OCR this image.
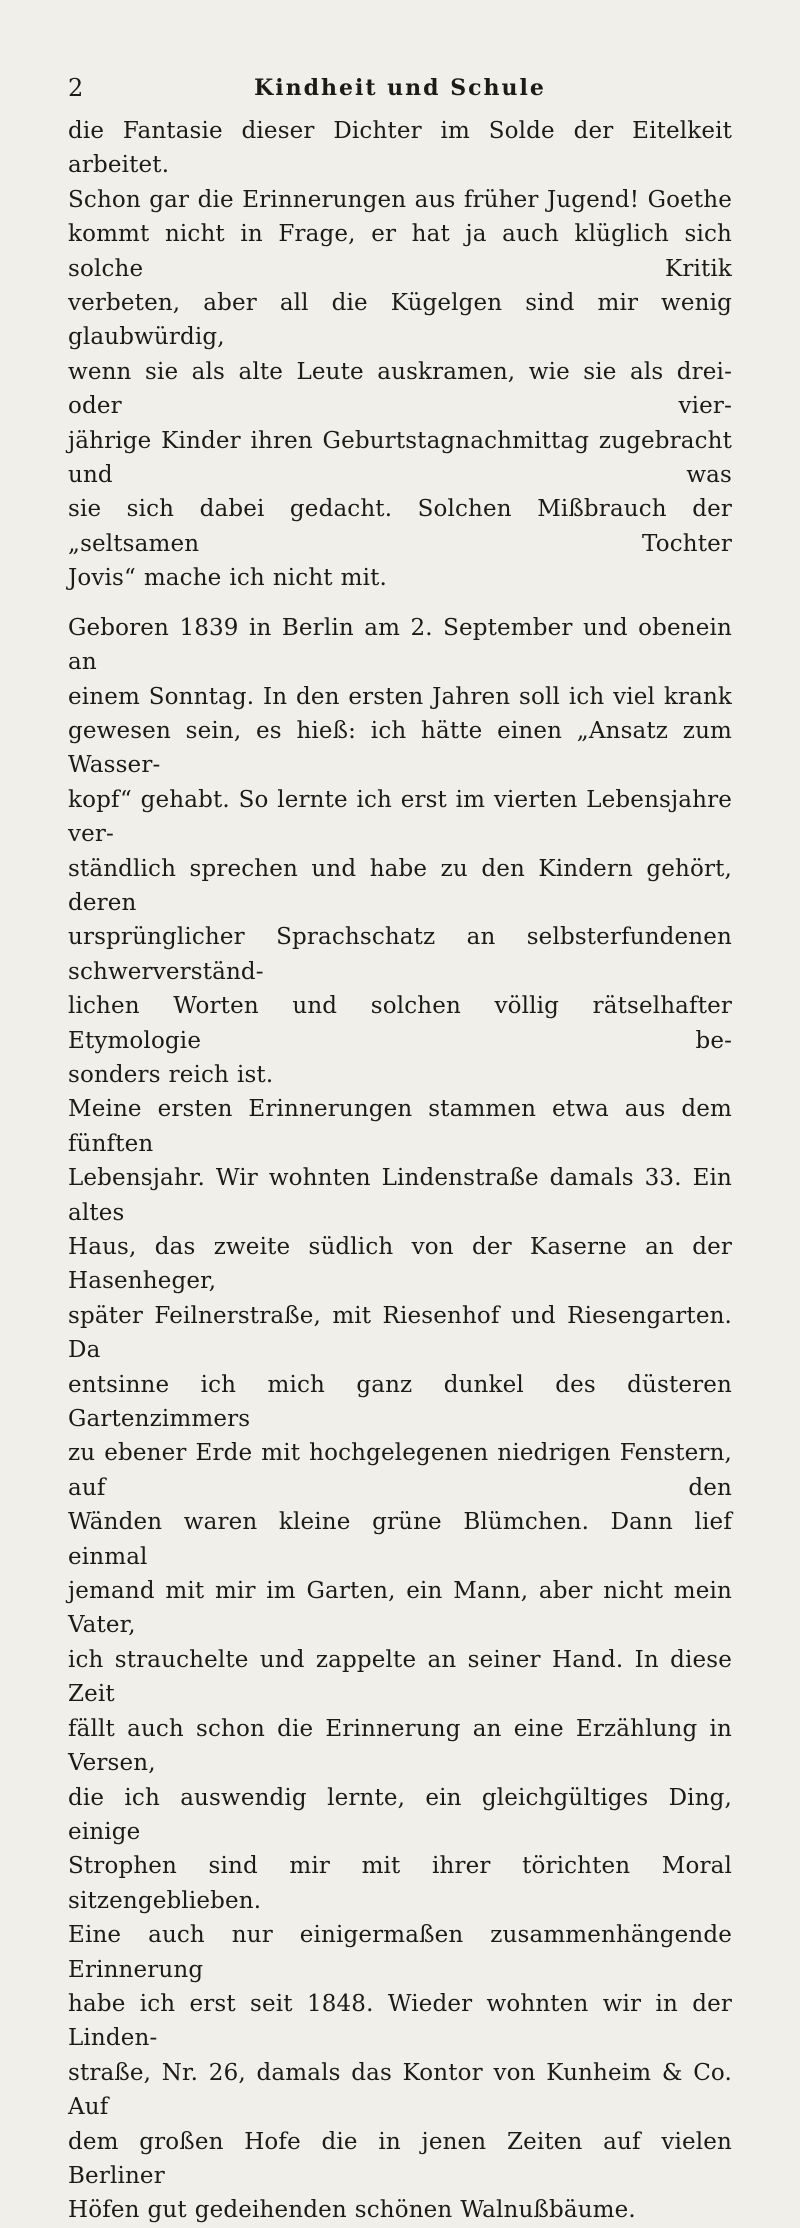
2	Kindheit und Schule

die Fantasie dieser Dichter im Solde der Eitelkeit arbeitet.
Schon gar die Erinnerungen aus früher Jugend! Goethe
kommt nicht in Frage, er hat ja auch klüglich sich solche Kritik
verbeten, aber all die Kügelgen sind mir wenig glaubwürdig,
wenn sie als alte Leute auskramen, wie sie als drei- oder vier-
jährige Kinder ihren Geburtstagnachmittag zugebracht und was
sie sich dabei gedacht. Solchen Mißbrauch der „seltsamen Tochter
Jovis“ mache ich nicht mit.

Geboren 1839 in Berlin am 2. September und obenein an
einem Sonntag. In den ersten Jahren soll ich viel krank
gewesen sein, es hieß: ich hätte einen „Ansatz zum Wasser-
kopf“ gehabt. So lernte ich erst im vierten Lebensjahre ver-
ständlich sprechen und habe zu den Kindern gehört, deren
ursprünglicher Sprachschatz an selbsterfundenen schwerverständ-
lichen Worten und solchen völlig rätselhafter Etymologie be-
sonders reich ist.

Meine ersten Erinnerungen stammen etwa aus dem fünften
Lebensjahr. Wir wohnten Lindenstraße damals 33. Ein altes
Haus, das zweite südlich von der Kaserne an der Hasenheger,
später Feilnerstraße, mit Riesenhof und Riesengarten. Da
entsinne ich mich ganz dunkel des düsteren Gartenzimmers
zu ebener Erde mit hochgelegenen niedrigen Fenstern, auf den
Wänden waren kleine grüne Blümchen. Dann lief einmal
jemand mit mir im Garten, ein Mann, aber nicht mein Vater,
ich strauchelte und zappelte an seiner Hand. In diese Zeit
fällt auch schon die Erinnerung an eine Erzählung in Versen,
die ich auswendig lernte, ein gleichgültiges Ding, einige
Strophen sind mir mit ihrer törichten Moral sitzengeblieben.
Eine auch nur einigermaßen zusammenhängende Erinnerung
habe ich erst seit 1848. Wieder wohnten wir in der Linden-
straße, Nr. 26, damals das Kontor von Kunheim & Co. Auf
dem großen Hofe die in jenen Zeiten auf vielen Berliner
Höfen gut gedeihenden schönen Walnußbäume.
